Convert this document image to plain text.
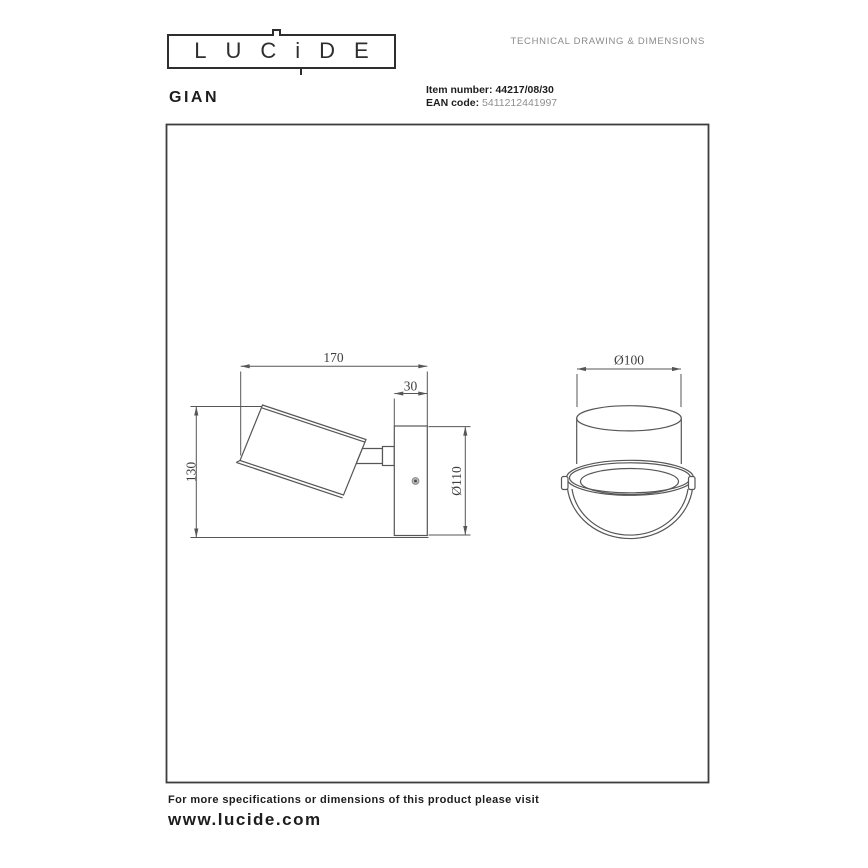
LUCiDE	TECHNICAL DRAWING & DIMENSIONS
GIAN	Item number: 44217/08/30
EAN code: 5411212441997
170
30
130	Ø110
Ø100
For more specifications or dimensions of this product please visit
www.lucide.com
